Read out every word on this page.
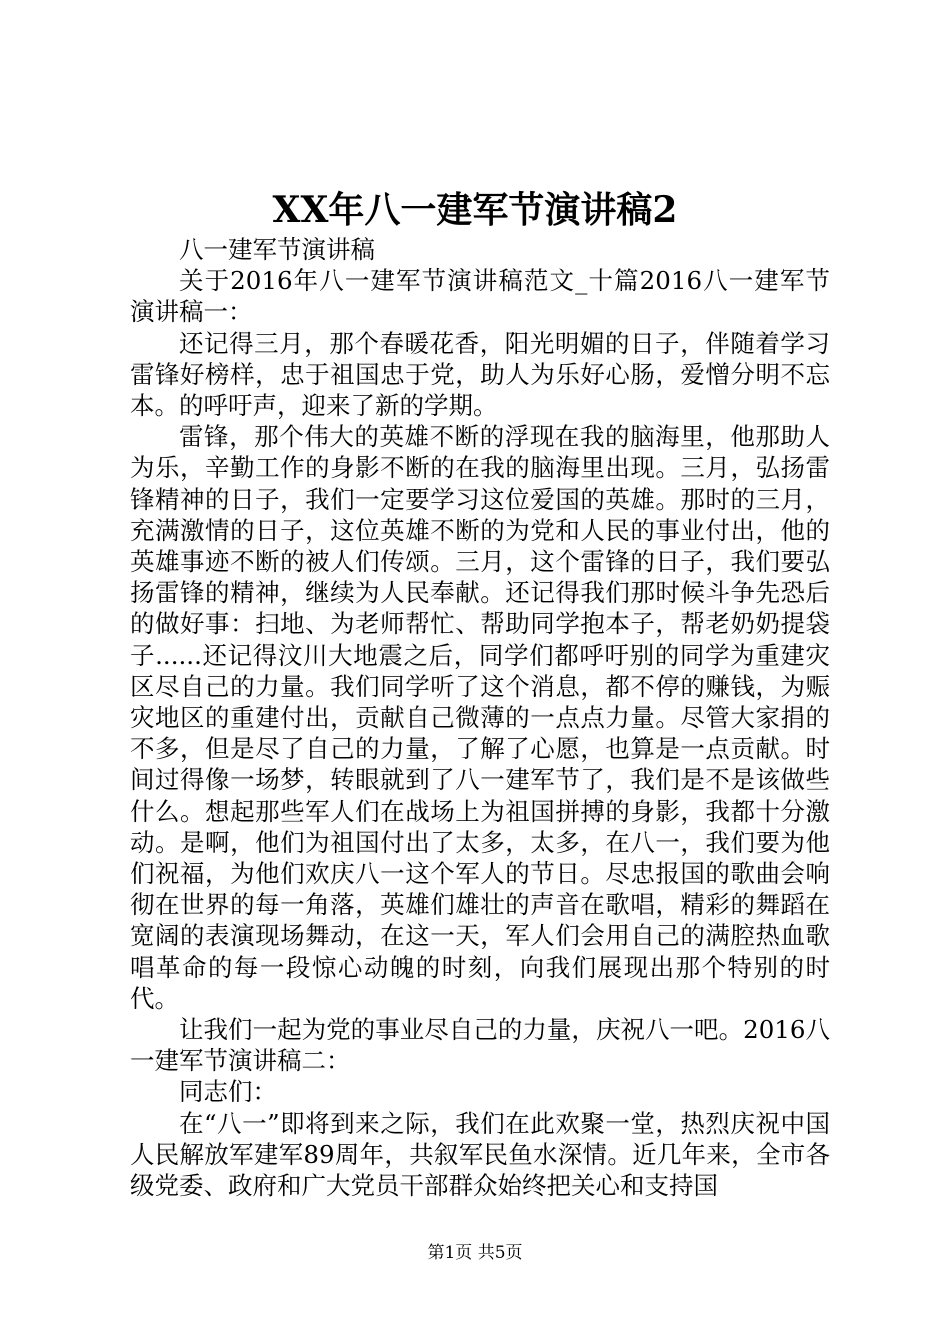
XX年八一建军节演讲稿2

八一建军节演讲稿

关于2016年八一建军节演讲稿范文_十篇2016八一建军节演讲稿一：

还记得三月，那个春暖花香，阳光明媚的日子，伴随着学习雷锋好榜样，忠于祖国忠于党，助人为乐好心肠，爱憎分明不忘本。的呼吁声，迎来了新的学期。

雷锋，那个伟大的英雄不断的浮现在我的脑海里，他那助人为乐，辛勤工作的身影不断的在我的脑海里出现。三月，弘扬雷锋精神的日子，我们一定要学习这位爱国的英雄。那时的三月，充满激情的日子，这位英雄不断的为党和人民的事业付出，他的英雄事迹不断的被人们传颂。三月，这个雷锋的日子，我们要弘扬雷锋的精神，继续为人民奉献。还记得我们那时候斗争先恐后的做好事：扫地、为老师帮忙、帮助同学抱本子，帮老奶奶提袋子......还记得汶川大地震之后，同学们都呼吁别的同学为重建灾区尽自己的力量。我们同学听了这个消息，都不停的赚钱，为赈灾地区的重建付出，贡献自己微薄的一点点力量。尽管大家捐的不多，但是尽了自己的力量，了解了心愿，也算是一点贡献。时间过得像一场梦，转眼就到了八一建军节了，我们是不是该做些什么。想起那些军人们在战场上为祖国拼搏的身影，我都十分激动。是啊，他们为祖国付出了太多，太多，在八一，我们要为他们祝福，为他们欢庆八一这个军人的节日。尽忠报国的歌曲会响彻在世界的每一角落，英雄们雄壮的声音在歌唱，精彩的舞蹈在宽阔的表演现场舞动，在这一天，军人们会用自己的满腔热血歌唱革命的每一段惊心动魄的时刻，向我们展现出那个特别的时代。

让我们一起为党的事业尽自己的力量，庆祝八一吧。2016八一建军节演讲稿二：

同志们：

在“八一”即将到来之际，我们在此欢聚一堂，热烈庆祝中国人民解放军建军89周年，共叙军民鱼水深情。近几年来，全市各级党委、政府和广大党员干部群众始终把关心和支持国

第1页 共5页
